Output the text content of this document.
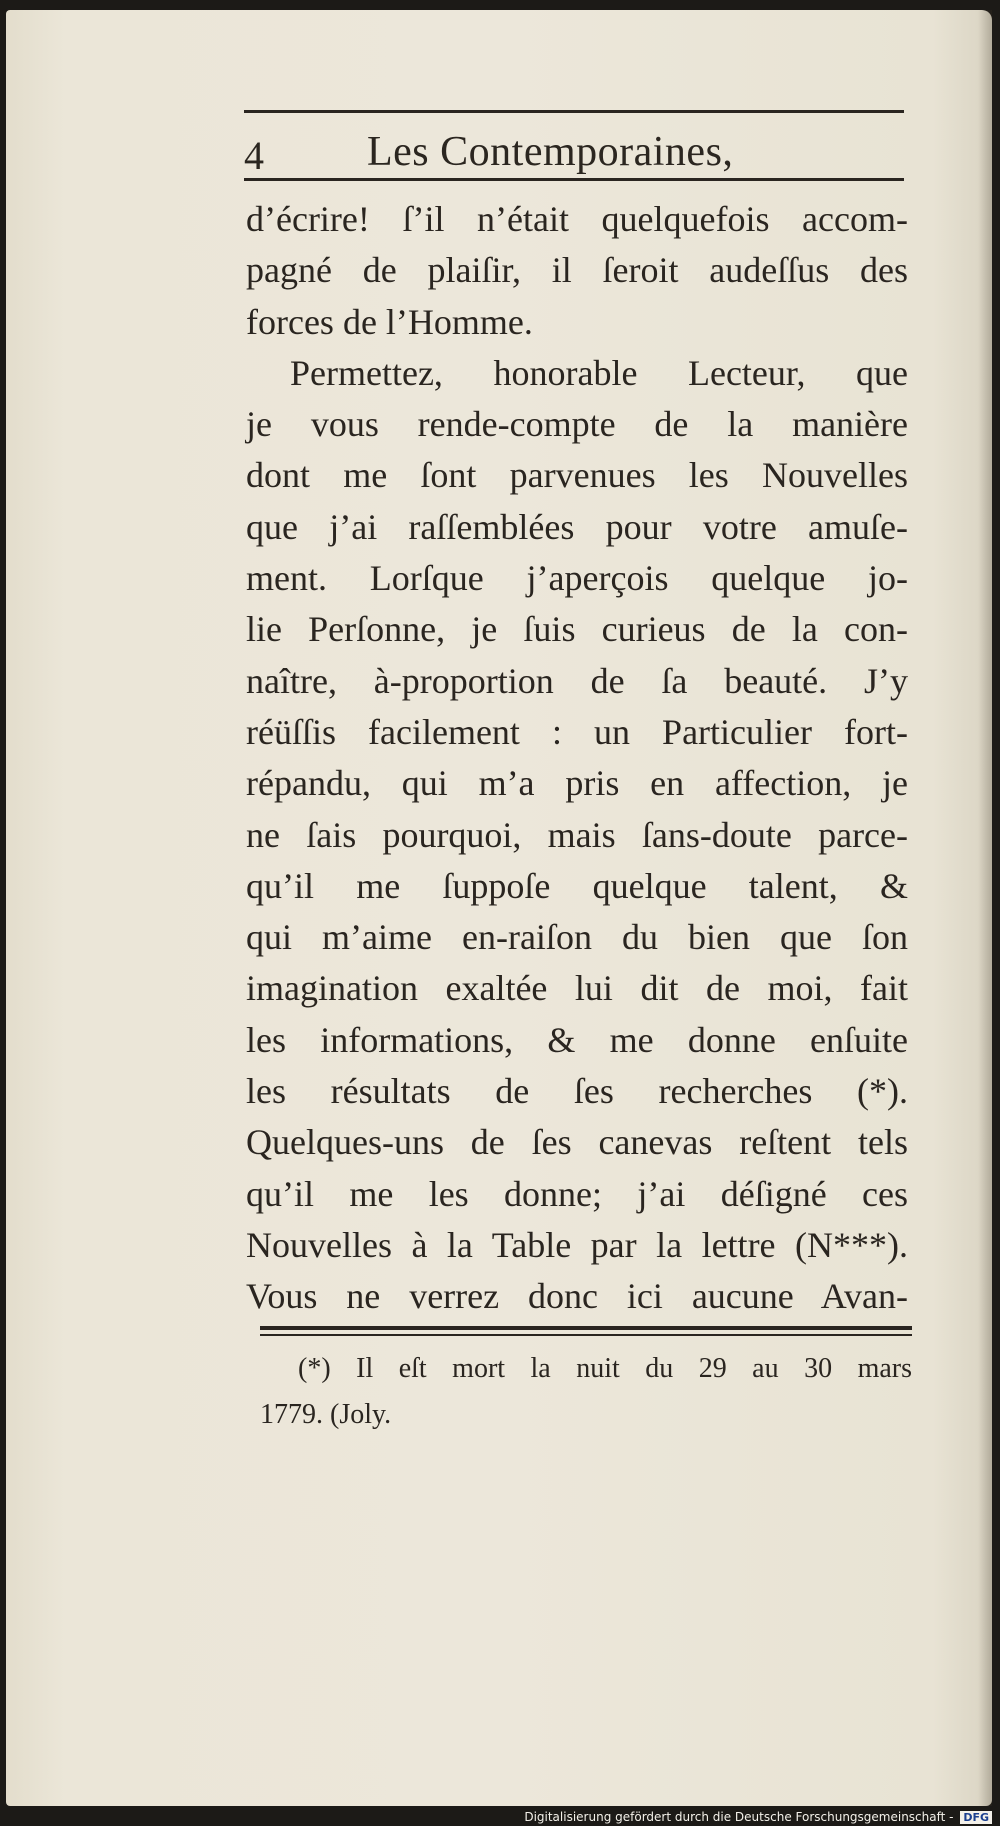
4 Les Contemporaines,
d’écrire! ſ’il n’était quelquefois accom-
pagné de plaiſir, il ſeroit audeſſus des
forces de l’Homme.
Permettez, honorable Lecteur, que
je vous rende-compte de la manière
dont me ſont parvenues les Nouvelles
que j’ai raſſemblées pour votre amuſe-
ment. Lorſque j’aperçois quelque jo-
lie Perſonne, je ſuis curieus de la con-
naître, à-proportion de ſa beauté. J’y
réüſſis facilement : un Particulier fort-
répandu, qui m’a pris en affection, je
ne ſais pourquoi, mais ſans-doute parce-
qu’il me ſuppoſe quelque talent, &
qui m’aime en-raiſon du bien que ſon
imagination exaltée lui dit de moi, fait
les informations, & me donne enſuite
les résultats de ſes recherches (*).
Quelques-uns de ſes canevas reſtent tels
qu’il me les donne; j’ai déſigné ces
Nouvelles à la Table par la lettre (N***).
Vous ne verrez donc ici aucune Avan-
(*) Il eſt mort la nuit du 29 au 30 mars
1779. (Joly.
Digitalisierung gefördert durch die Deutsche Forschungsgemeinschaft - DFG
